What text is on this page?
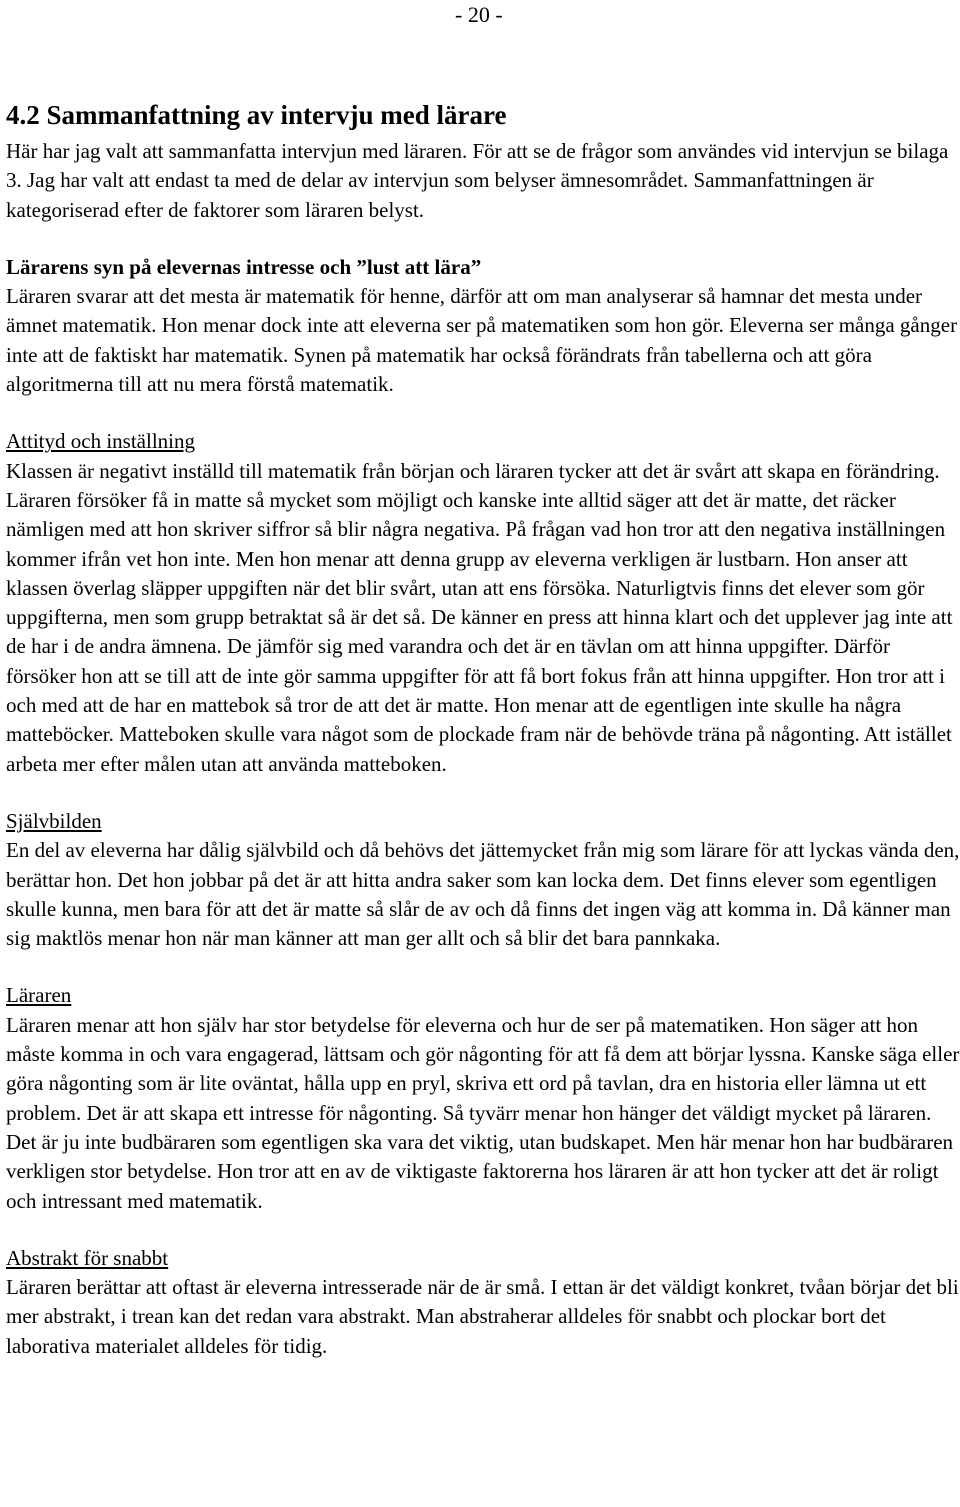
- 20 -
4.2 Sammanfattning av intervju med lärare

Här har jag valt att sammanfatta intervjun med läraren. För att se de frågor som användes vid intervjun se bilaga 3. Jag har valt att endast ta med de delar av intervjun som belyser ämnesområdet. Sammanfattningen är kategoriserad efter de faktorer som läraren belyst.

Lärarens syn på elevernas intresse och ”lust att lära”

Läraren svarar att det mesta är matematik för henne, därför att om man analyserar så hamnar det mesta under ämnet matematik. Hon menar dock inte att eleverna ser på matematiken som hon gör. Eleverna ser många gånger inte att de faktiskt har matematik. Synen på matematik har också förändrats från tabellerna och att göra algoritmerna till att nu mera förstå matematik.

Attityd och inställning

Klassen är negativt inställd till matematik från början och läraren tycker att det är svårt att skapa en förändring. Läraren försöker få in matte så mycket som möjligt och kanske inte alltid säger att det är matte, det räcker nämligen med att hon skriver siffror så blir några negativa. På frågan vad hon tror att den negativa inställningen kommer ifrån vet hon inte. Men hon menar att denna grupp av eleverna verkligen är lustbarn. Hon anser att klassen överlag släpper uppgiften när det blir svårt, utan att ens försöka. Naturligtvis finns det elever som gör uppgifterna, men som grupp betraktat så är det så. De känner en press att hinna klart och det upplever jag inte att de har i de andra ämnena. De jämför sig med varandra och det är en tävlan om att hinna uppgifter. Därför försöker hon att se till att de inte gör samma uppgifter för att få bort fokus från att hinna uppgifter. Hon tror att i och med att de har en mattebok så tror de att det är matte. Hon menar att de egentligen inte skulle ha några matteböcker. Matteboken skulle vara något som de plockade fram när de behövde träna på någonting. Att istället arbeta mer efter målen utan att använda matteboken.

Självbilden

En del av eleverna har dålig självbild och då behövs det jättemycket från mig som lärare för att lyckas vända den, berättar hon. Det hon jobbar på det är att hitta andra saker som kan locka dem. Det finns elever som egentligen skulle kunna, men bara för att det är matte så slår de av och då finns det ingen väg att komma in. Då känner man sig maktlös menar hon när man känner att man ger allt och så blir det bara pannkaka.

Läraren

Läraren menar att hon själv har stor betydelse för eleverna och hur de ser på matematiken. Hon säger att hon måste komma in och vara engagerad, lättsam och gör någonting för att få dem att börjar lyssna. Kanske säga eller göra någonting som är lite oväntat, hålla upp en pryl, skriva ett ord på tavlan, dra en historia eller lämna ut ett problem. Det är att skapa ett intresse för någonting. Så tyvärr menar hon hänger det väldigt mycket på läraren. Det är ju inte budbäraren som egentligen ska vara det viktig, utan budskapet. Men här menar hon har budbäraren verkligen stor betydelse. Hon tror att en av de viktigaste faktorerna hos läraren är att hon tycker att det är roligt och intressant med matematik.

Abstrakt för snabbt

Läraren berättar att oftast är eleverna intresserade när de är små. I ettan är det väldigt konkret, tvåan börjar det bli mer abstrakt, i trean kan det redan vara abstrakt. Man abstraherar alldeles för snabbt och plockar bort det laborativa materialet alldeles för tidig.
